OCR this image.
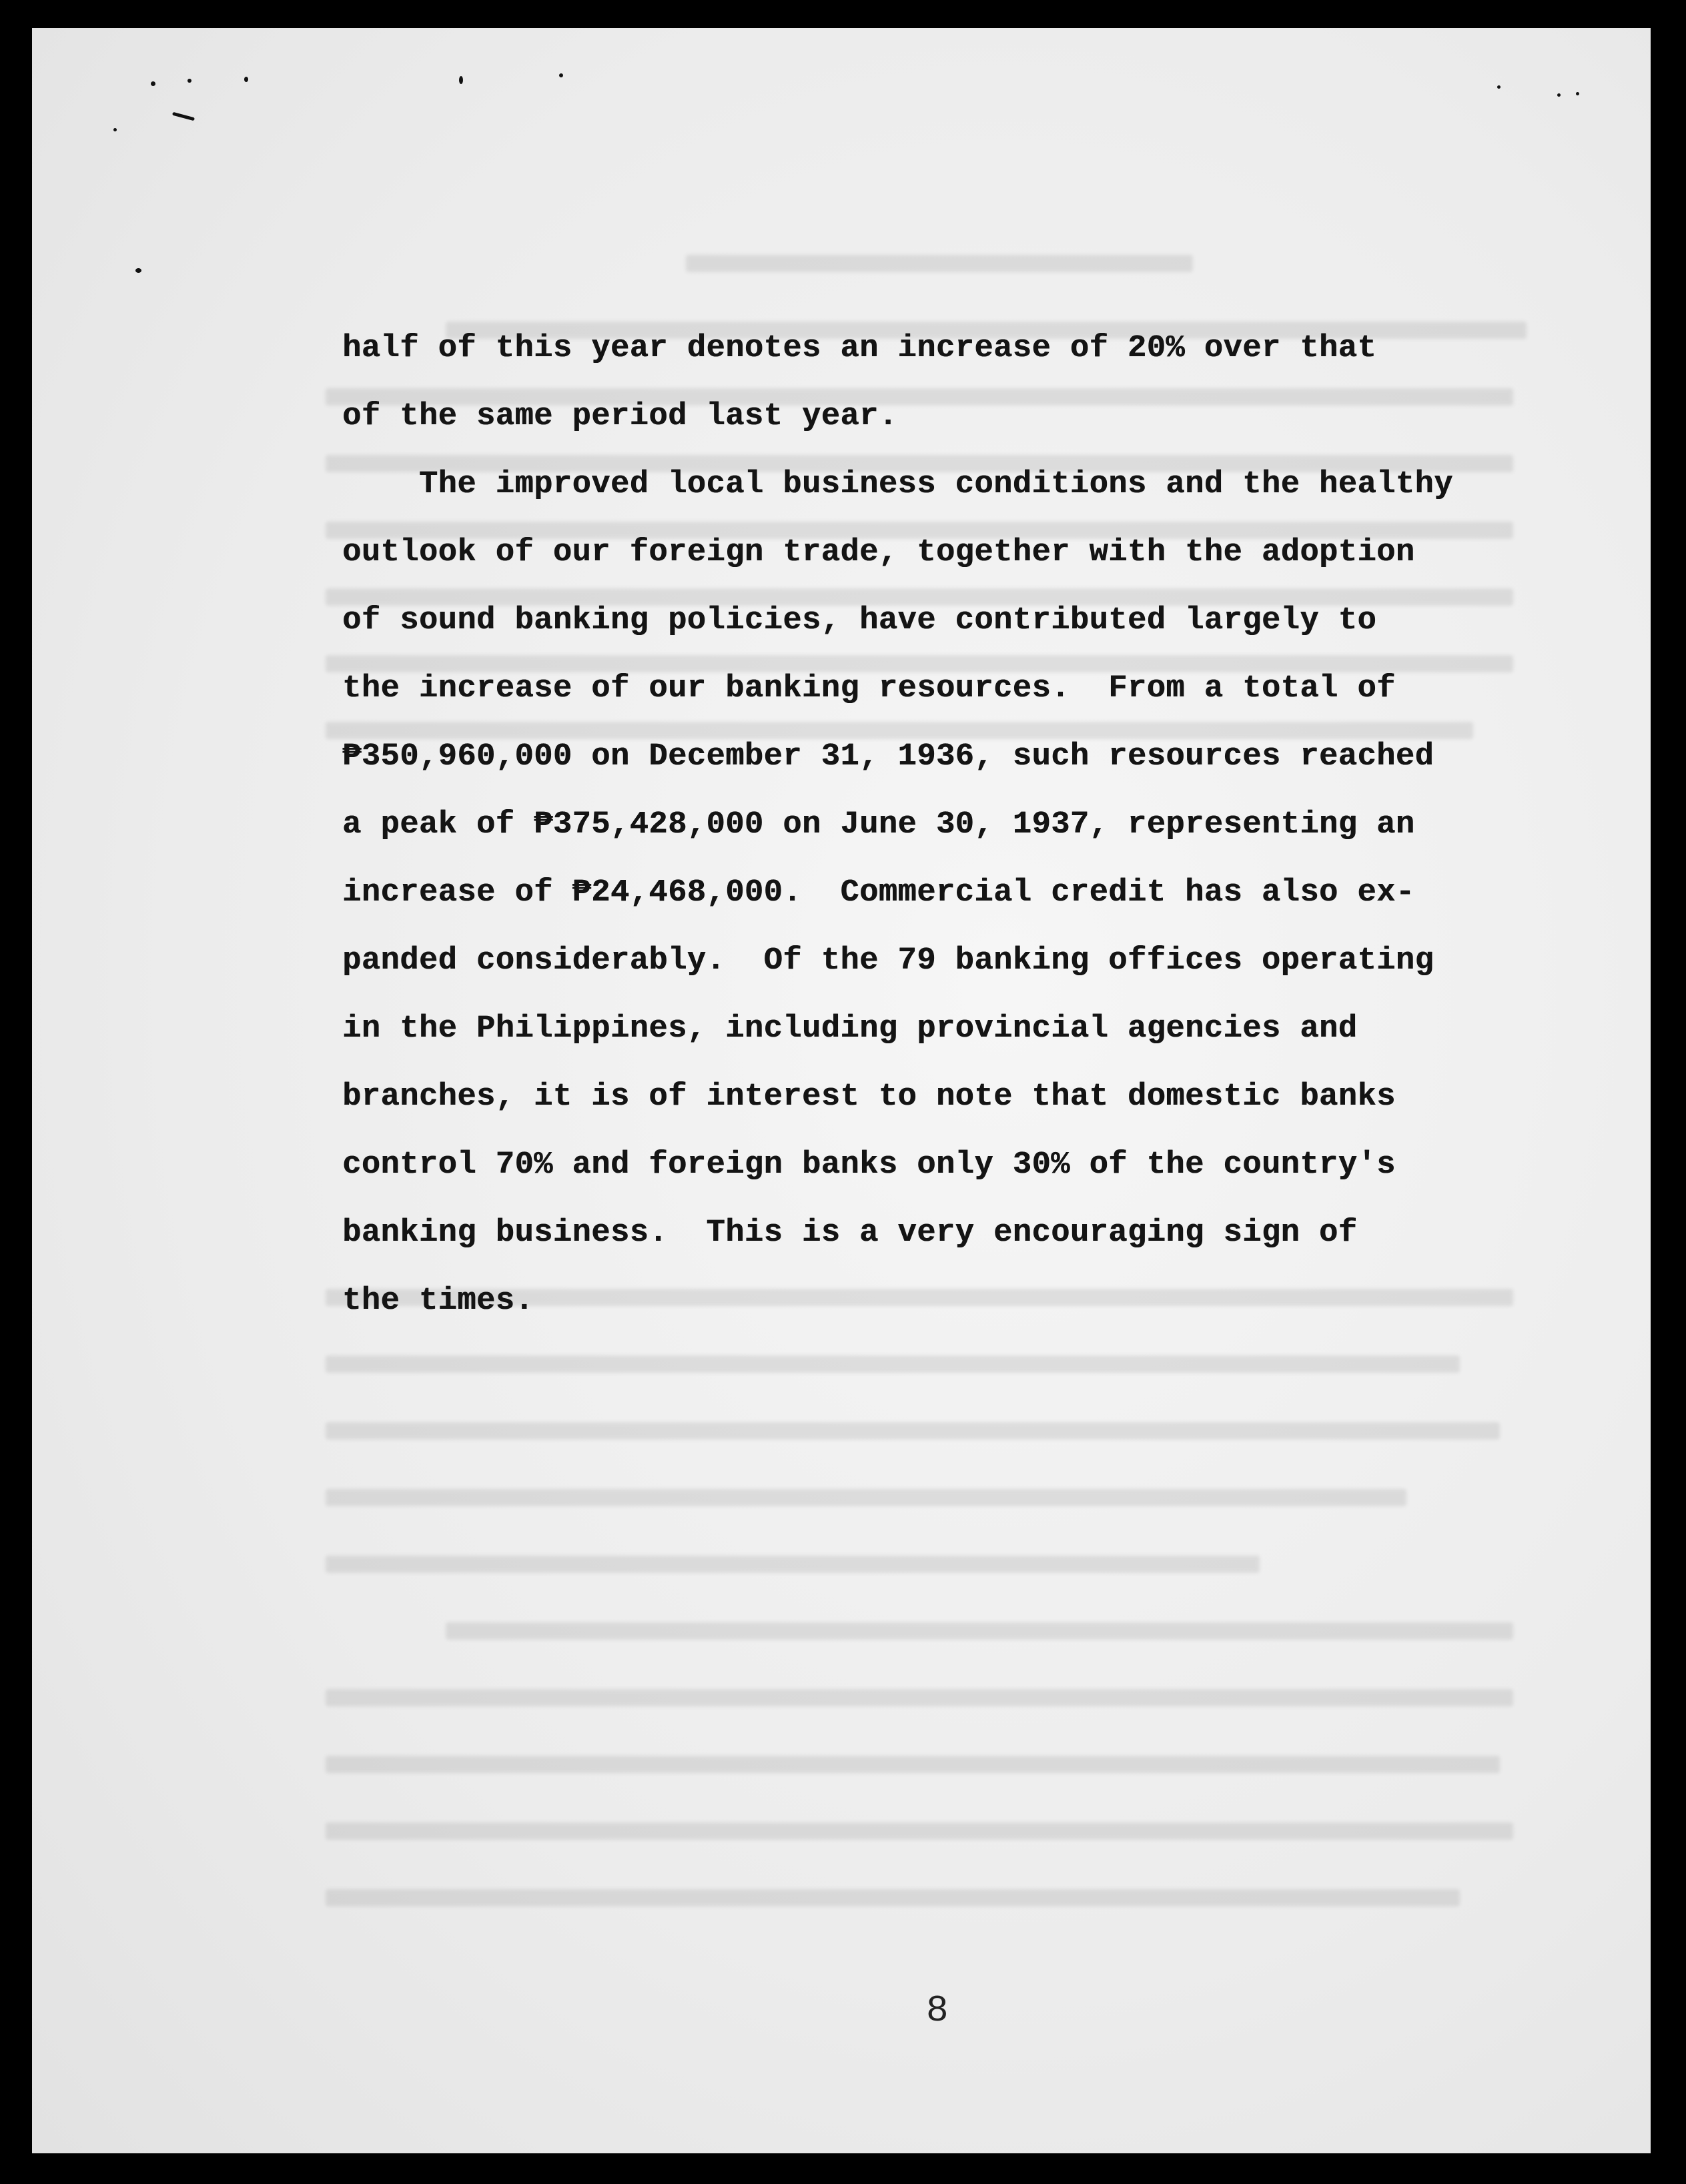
half of this year denotes an increase of 20% over that
of the same period last year.
The improved local business conditions and the healthy
outlook of our foreign trade, together with the adoption
of sound banking policies, have contributed largely to
the increase of our banking resources.  From a total of
₱350,960,000 on December 31, 1936, such resources reached
a peak of ₱375,428,000 on June 30, 1937, representing an
increase of ₱24,468,000.  Commercial credit has also ex-
panded considerably.  Of the 79 banking offices operating
in the Philippines, including provincial agencies and
branches, it is of interest to note that domestic banks
control 70% and foreign banks only 30% of the country's
banking business.  This is a very encouraging sign of
the times.
8
